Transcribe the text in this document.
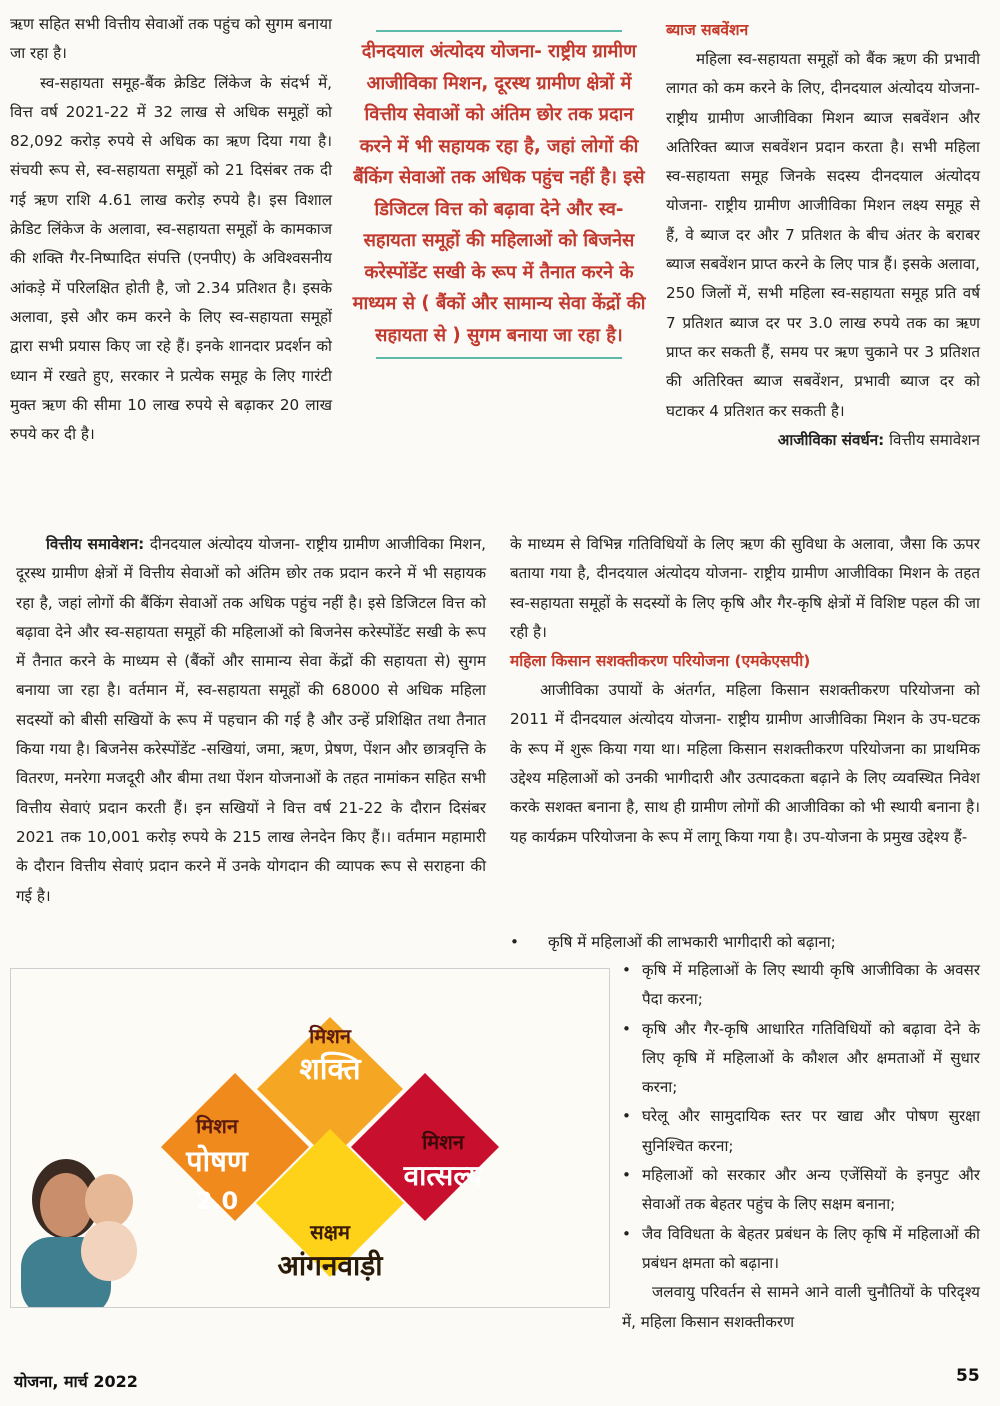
ऋण सहित सभी वित्तीय सेवाओं तक पहुंच को सुगम बनाया जा रहा है।

स्व-सहायता समूह-बैंक क्रेडिट लिंकेज के संदर्भ में, वित्त वर्ष 2021-22 में 32 लाख से अधिक समूहों को 82,092 करोड़ रुपये से अधिक का ऋण दिया गया है। संचयी रूप से, स्व-सहायता समूहों को 21 दिसंबर तक दी गई ऋण राशि 4.61 लाख करोड़ रुपये है। इस विशाल क्रेडिट लिंकेज के अलावा, स्व-सहायता समूहों के कामकाज की शक्ति गैर-निष्पादित संपत्ति (एनपीए) के अविश्वसनीय आंकड़े में परिलक्षित होती है, जो 2.34 प्रतिशत है। इसके अलावा, इसे और कम करने के लिए स्व-सहायता समूहों द्वारा सभी प्रयास किए जा रहे हैं। इनके शानदार प्रदर्शन को ध्यान में रखते हुए, सरकार ने प्रत्येक समूह के लिए गारंटी मुक्त ऋण की सीमा 10 लाख रुपये से बढ़ाकर 20 लाख रुपये कर दी है।

दीनदयाल अंत्योदय योजना- राष्ट्रीय ग्रामीण आजीविका मिशन, दूरस्थ ग्रामीण क्षेत्रों में वित्तीय सेवाओं को अंतिम छोर तक प्रदान करने में भी सहायक रहा है, जहां लोगों की बैंकिंग सेवाओं तक अधिक पहुंच नहीं है। इसे डिजिटल वित्त को बढ़ावा देने और स्व-सहायता समूहों की महिलाओं को बिजनेस करेस्पोंडेंट सखी के रूप में तैनात करने के माध्यम से ( बैंकों और सामान्य सेवा केंद्रों की सहायता से ) सुगम बनाया जा रहा है।

ब्याज सबवेंशन

महिला स्व-सहायता समूहों को बैंक ऋण की प्रभावी लागत को कम करने के लिए, दीनदयाल अंत्योदय योजना- राष्ट्रीय ग्रामीण आजीविका मिशन ब्याज सबवेंशन और अतिरिक्त ब्याज सबवेंशन प्रदान करता है। सभी महिला स्व-सहायता समूह जिनके सदस्य दीनदयाल अंत्योदय योजना- राष्ट्रीय ग्रामीण आजीविका मिशन लक्ष्य समूह से हैं, वे ब्याज दर और 7 प्रतिशत के बीच अंतर के बराबर ब्याज सबवेंशन प्राप्त करने के लिए पात्र हैं। इसके अलावा, 250 जिलों में, सभी महिला स्व-सहायता समूह प्रति वर्ष 7 प्रतिशत ब्याज दर पर 3.0 लाख रुपये तक का ऋण प्राप्त कर सकती हैं, समय पर ऋण चुकाने पर 3 प्रतिशत की अतिरिक्त ब्याज सबवेंशन, प्रभावी ब्याज दर को घटाकर 4 प्रतिशत कर सकती है।

आजीविका संवर्धन: वित्तीय समावेशन

वित्तीय समावेशन: दीनदयाल अंत्योदय योजना- राष्ट्रीय ग्रामीण आजीविका मिशन, दूरस्थ ग्रामीण क्षेत्रों में वित्तीय सेवाओं को अंतिम छोर तक प्रदान करने में भी सहायक रहा है, जहां लोगों की बैंकिंग सेवाओं तक अधिक पहुंच नहीं है। इसे डिजिटल वित्त को बढ़ावा देने और स्व-सहायता समूहों की महिलाओं को बिजनेस करेस्पोंडेंट सखी के रूप में तैनात करने के माध्यम से (बैंकों और सामान्य सेवा केंद्रों की सहायता से) सुगम बनाया जा रहा है। वर्तमान में, स्व-सहायता समूहों की 68000 से अधिक महिला सदस्यों को बीसी सखियों के रूप में पहचान की गई है और उन्हें प्रशिक्षित तथा तैनात किया गया है। बिजनेस करेस्पोंडेंट -सखियां, जमा, ऋण, प्रेषण, पेंशन और छात्रवृत्ति के वितरण, मनरेगा मजदूरी और बीमा तथा पेंशन योजनाओं के तहत नामांकन सहित सभी वित्तीय सेवाएं प्रदान करती हैं। इन सखियों ने वित्त वर्ष 21-22 के दौरान दिसंबर 2021 तक 10,001 करोड़ रुपये के 215 लाख लेनदेन किए हैं।। वर्तमान महामारी के दौरान वित्तीय सेवाएं प्रदान करने में उनके योगदान की व्यापक रूप से सराहना की गई है।

के माध्यम से विभिन्न गतिविधियों के लिए ऋण की सुविधा के अलावा, जैसा कि ऊपर बताया गया है, दीनदयाल अंत्योदय योजना- राष्ट्रीय ग्रामीण आजीविका मिशन के तहत स्व-सहायता समूहों के सदस्यों के लिए कृषि और गैर-कृषि क्षेत्रों में विशिष्ट पहल की जा रही है।

महिला किसान सशक्तीकरण परियोजना (एमकेएसपी)

आजीविका उपायों के अंतर्गत, महिला किसान सशक्तीकरण परियोजना को 2011 में दीनदयाल अंत्योदय योजना- राष्ट्रीय ग्रामीण आजीविका मिशन के उप-घटक के रूप में शुरू किया गया था। महिला किसान सशक्तीकरण परियोजना का प्राथमिक उद्देश्य महिलाओं को उनकी भागीदारी और उत्पादकता बढ़ाने के लिए व्यवस्थित निवेश करके सशक्त बनाना है, साथ ही ग्रामीण लोगों की आजीविका को भी स्थायी बनाना है। यह कार्यक्रम परियोजना के रूप में लागू किया गया है। उप-योजना के प्रमुख उद्देश्य हैं-

• कृषि में महिलाओं की लाभकारी भागीदारी को बढ़ाना;

• कृषि में महिलाओं के लिए स्थायी कृषि आजीविका के अवसर पैदा करना;

• कृषि और गैर-कृषि आधारित गतिविधियों को बढ़ावा देने के लिए कृषि में महिलाओं के कौशल और क्षमताओं में सुधार करना;

• घरेलू और सामुदायिक स्तर पर खाद्य और पोषण सुरक्षा सुनिश्चित करना;

• महिलाओं को सरकार और अन्य एजेंसियों के इनपुट और सेवाओं तक बेहतर पहुंच के लिए सक्षम बनाना;

• जैव विविधता के बेहतर प्रबंधन के लिए कृषि में महिलाओं की प्रबंधन क्षमता को बढ़ाना।

जलवायु परिवर्तन से सामने आने वाली चुनौतियों के परिदृश्य में, महिला किसान सशक्तीकरण

मिशन
शक्ति
मिशन
पोषण
2.0
मिशन
वात्सल्य
सक्षम
आंगनवाड़ी
योजना, मार्च 2022	55
